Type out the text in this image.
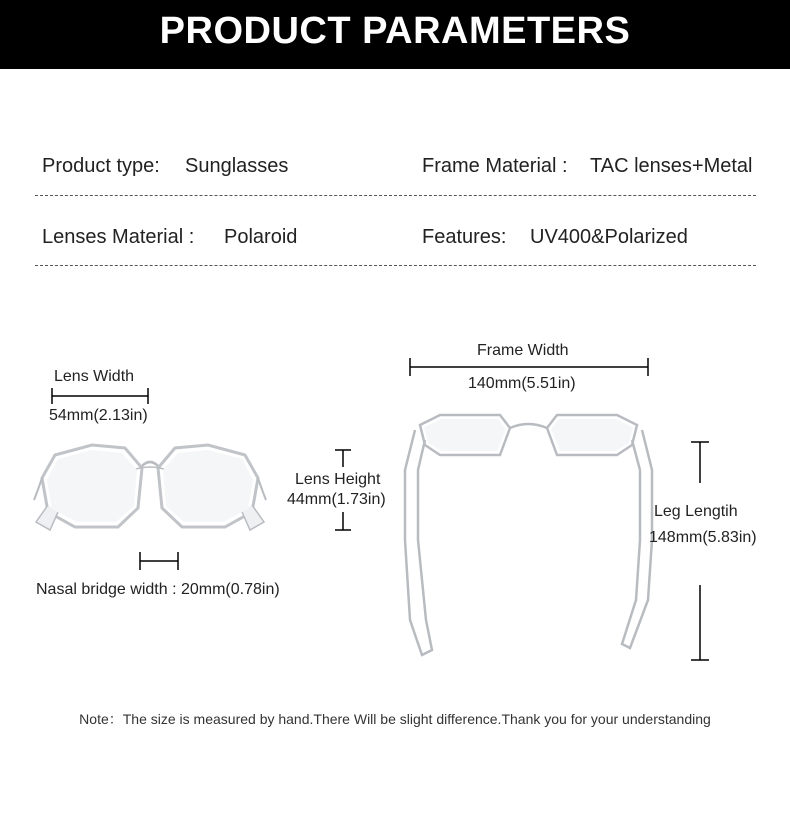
PRODUCT PARAMETERS
Product type: Sunglasses	Frame Material : TAC lenses+Metal
Lenses Material : Polaroid	Features: UV400&Polarized
Lens Width
54mm(2.13in)
Lens Height
44mm(1.73in)
Nasal bridge width : 20mm(0.78in)
Frame Width
140mm(5.51in)
Leg Lengtih
148mm(5.83in)
Note：The size is measured by hand.There Will be slight difference.Thank you for your understanding
